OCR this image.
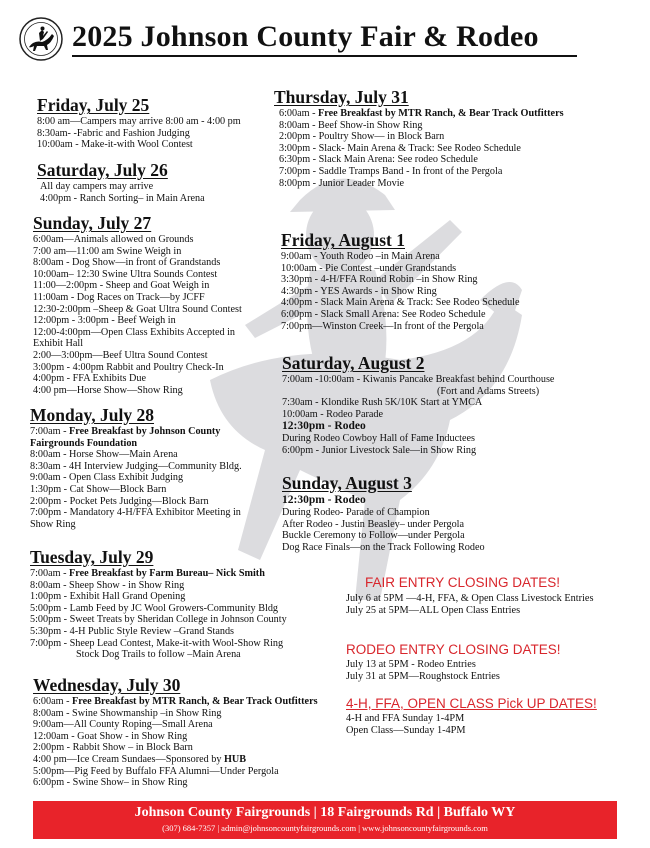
2025 Johnson County Fair & Rodeo
Friday, July 25
8:00 am—Campers may arrive 8:00 am - 4:00 pm
8:30am- -Fabric and Fashion Judging
10:00am - Make-it-with Wool Contest
Saturday, July 26
All day campers may arrive
4:00pm - Ranch Sorting– in Main Arena
Sunday, July 27
6:00am—Animals allowed on Grounds
7:00 am—11:00 am Swine Weigh in
8:00am - Dog Show—in front of Grandstands
10:00am– 12:30 Swine Ultra Sounds Contest
11:00—2:00pm - Sheep and Goat Weigh in
11:00am - Dog Races on Track—by JCFF
12:30-2:00pm –Sheep & Goat Ultra Sound Contest
12:00pm - 3:00pm - Beef Weigh in
12:00-4:00pm—Open Class Exhibits Accepted in
Exhibit Hall
2:00—3:00pm—Beef Ultra Sound Contest
3:00pm - 4:00pm Rabbit and Poultry Check-In
4:00pm - FFA Exhibits Due
4:00 pm—Horse Show—Show Ring
Monday, July 28
7:00am - Free Breakfast by Johnson County Fairgrounds Foundation
8:00am - Horse Show—Main Arena
8:30am - 4H Interview Judging—Community Bldg.
9:00am - Open Class Exhibit Judging
1:30pm - Cat Show—Block Barn
2:00pm - Pocket Pets Judging—Block Barn
7:00pm - Mandatory 4-H/FFA Exhibitor Meeting in Show Ring
Tuesday, July 29
7:00am - Free Breakfast by Farm Bureau– Nick Smith
8:00am - Sheep Show - in Show Ring
1:00pm - Exhibit Hall Grand Opening
5:00pm - Lamb Feed by JC Wool Growers-Community Bldg
5:00pm - Sweet Treats by Sheridan College in Johnson County
5:30pm - 4-H Public Style Review –Grand Stands
7:00pm - Sheep Lead Contest, Make-it-with Wool-Show Ring
Stock Dog Trails to follow –Main Arena
Wednesday, July 30
6:00am - Free Breakfast by MTR Ranch, & Bear Track Outfitters
8:00am - Swine Showmanship –in Show Ring
9:00am—All County Roping—Small Arena
12:00am - Goat Show - in Show Ring
2:00pm - Rabbit Show – in Block Barn
4:00 pm—Ice Cream Sundaes—Sponsored by HUB
5:00pm—Pig Feed by Buffalo FFA Alumni—Under Pergola
6:00pm - Swine Show– in Show Ring
Thursday, July 31
6:00am - Free Breakfast by MTR Ranch, & Bear Track Outfitters
8:00am - Beef Show-in Show Ring
2:00pm - Poultry Show— in Block Barn
3:00pm - Slack- Main Arena & Track: See Rodeo Schedule
6:30pm - Slack Main Arena: See rodeo Schedule
7:00pm - Saddle Tramps Band - In front of the Pergola
8:00pm - Junior Leader Movie
Friday, August 1
9:00am - Youth Rodeo –in Main Arena
10:00am - Pie Contest –under Grandstands
3:30pm - 4-H/FFA Round Robin –in Show Ring
4:30pm - YES Awards - in Show Ring
4:00pm - Slack Main Arena & Track: See Rodeo Schedule
6:00pm - Slack Small Arena: See Rodeo Schedule
7:00pm—Winston Creek—In front of the Pergola
Saturday, August 2
7:00am -10:00am - Kiwanis Pancake Breakfast behind Courthouse
(Fort and Adams Streets)
7:30am - Klondike Rush 5K/10K Start at YMCA
10:00am - Rodeo Parade
12:30pm - Rodeo
During Rodeo Cowboy Hall of Fame Inductees
6:00pm - Junior Livestock Sale—in Show Ring
Sunday, August 3
12:30pm - Rodeo
During Rodeo- Parade of Champion
After Rodeo - Justin Beasley– under Pergola
Buckle Ceremony to Follow—under Pergola
Dog Race Finals—on the Track Following Rodeo
FAIR ENTRY CLOSING DATES!
July 6 at 5PM —4-H, FFA, & Open Class Livestock Entries
July 25 at 5PM—ALL Open Class Entries
RODEO ENTRY CLOSING DATES!
July 13 at 5PM - Rodeo Entries
July 31 at 5PM—Roughstock Entries
4-H, FFA, OPEN CLASS Pick UP DATES!
4-H and FFA Sunday 1-4PM
Open Class—Sunday 1-4PM
Johnson County Fairgrounds | 18 Fairgrounds Rd | Buffalo WY
(307) 684-7357 | admin@johnsoncountyfairgrounds.com | www.johnsoncountyfairgrounds.com
